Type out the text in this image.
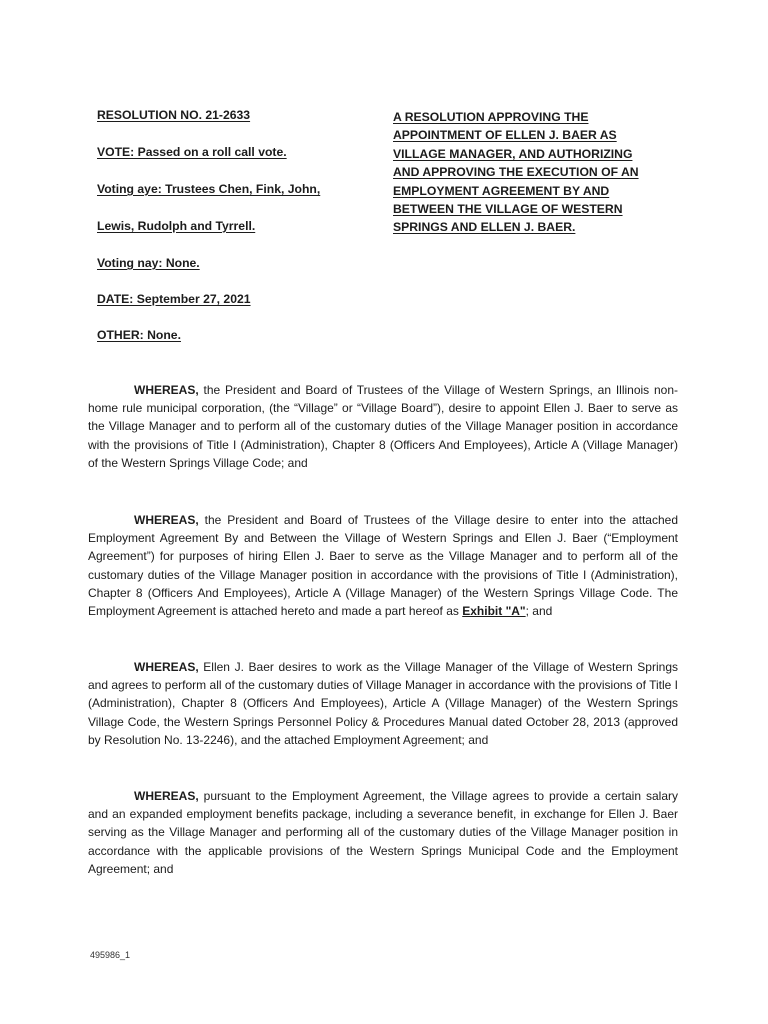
RESOLUTION NO. 21-2633
VOTE: Passed on a roll call vote.
Voting aye: Trustees Chen, Fink, John,
Lewis, Rudolph and Tyrrell.
Voting nay: None.
DATE: September 27, 2021
OTHER: None.
A RESOLUTION APPROVING THE
APPOINTMENT OF ELLEN J. BAER AS
VILLAGE MANAGER, AND AUTHORIZING
AND APPROVING THE EXECUTION OF AN
EMPLOYMENT AGREEMENT BY AND
BETWEEN THE VILLAGE OF WESTERN
SPRINGS AND ELLEN J. BAER.

WHEREAS, the President and Board of Trustees of the Village of Western Springs, an Illinois non-home rule municipal corporation, (the “Village” or “Village Board”), desire to appoint Ellen J. Baer to serve as the Village Manager and to perform all of the customary duties of the Village Manager position in accordance with the provisions of Title I (Administration), Chapter 8 (Officers And Employees), Article A (Village Manager) of the Western Springs Village Code; and

WHEREAS, the President and Board of Trustees of the Village desire to enter into the attached Employment Agreement By and Between the Village of Western Springs and Ellen J. Baer (“Employment Agreement”) for purposes of hiring Ellen J. Baer to serve as the Village Manager and to perform all of the customary duties of the Village Manager position in accordance with the provisions of Title I (Administration), Chapter 8 (Officers And Employees), Article A (Village Manager) of the Western Springs Village Code. The Employment Agreement is attached hereto and made a part hereof as Exhibit "A"; and

WHEREAS, Ellen J. Baer desires to work as the Village Manager of the Village of Western Springs and agrees to perform all of the customary duties of Village Manager in accordance with the provisions of Title I (Administration), Chapter 8 (Officers And Employees), Article A (Village Manager) of the Western Springs Village Code, the Western Springs Personnel Policy & Procedures Manual dated October 28, 2013 (approved by Resolution No. 13-2246), and the attached Employment Agreement; and

WHEREAS, pursuant to the Employment Agreement, the Village agrees to provide a certain salary and an expanded employment benefits package, including a severance benefit, in exchange for Ellen J. Baer serving as the Village Manager and performing all of the customary duties of the Village Manager position in accordance with the applicable provisions of the Western Springs Municipal Code and the Employment Agreement; and

495986_1
